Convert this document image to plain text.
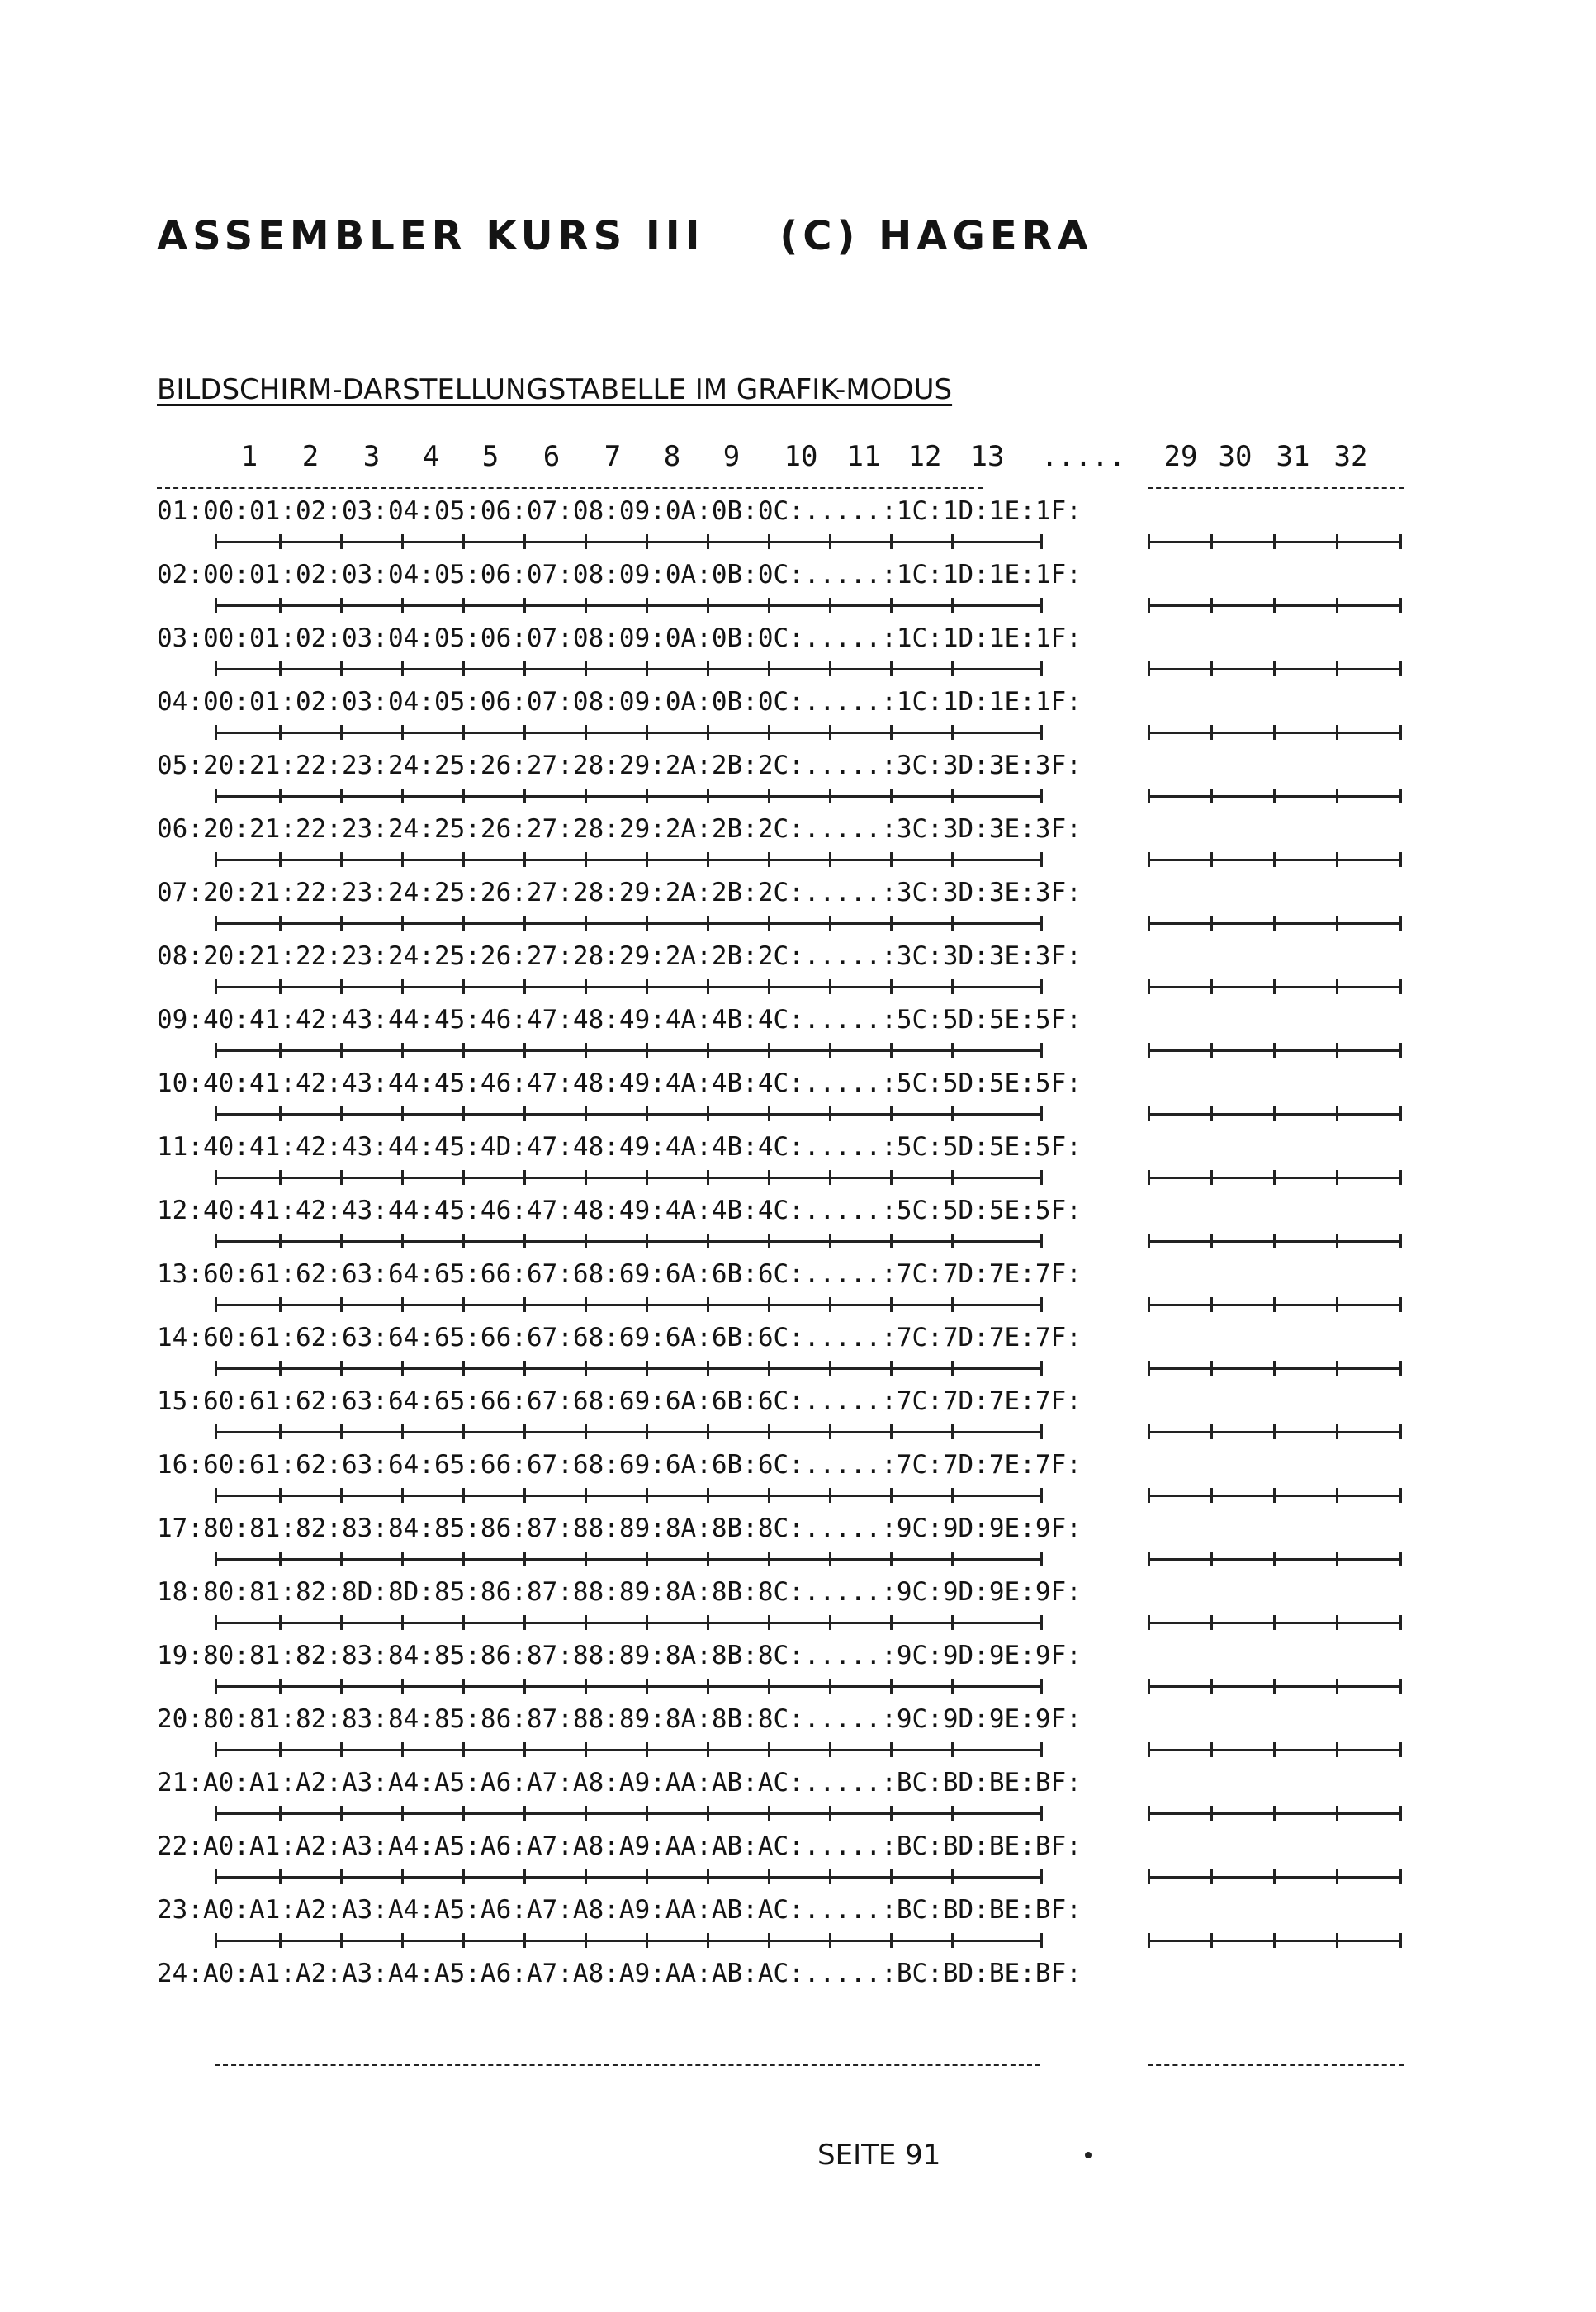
ASSEMBLER KURS III    (C) HAGERA
BILDSCHIRM-DARSTELLUNGSTABELLE IM GRAFIK-MODUS
1 2 3 4 5 6 7 8 9 10 11 12 13 ..... 29 30 31 32
01:00:01:02:03:04:05:06:07:08:09:0A:0B:0C:.....:1C:1D:1E:1F:
02:00:01:02:03:04:05:06:07:08:09:0A:0B:0C:.....:1C:1D:1E:1F:
03:00:01:02:03:04:05:06:07:08:09:0A:0B:0C:.....:1C:1D:1E:1F:
04:00:01:02:03:04:05:06:07:08:09:0A:0B:0C:.....:1C:1D:1E:1F:
05:20:21:22:23:24:25:26:27:28:29:2A:2B:2C:.....:3C:3D:3E:3F:
06:20:21:22:23:24:25:26:27:28:29:2A:2B:2C:.....:3C:3D:3E:3F:
07:20:21:22:23:24:25:26:27:28:29:2A:2B:2C:.....:3C:3D:3E:3F:
08:20:21:22:23:24:25:26:27:28:29:2A:2B:2C:.....:3C:3D:3E:3F:
09:40:41:42:43:44:45:46:47:48:49:4A:4B:4C:.....:5C:5D:5E:5F:
10:40:41:42:43:44:45:46:47:48:49:4A:4B:4C:.....:5C:5D:5E:5F:
11:40:41:42:43:44:45:4D:47:48:49:4A:4B:4C:.....:5C:5D:5E:5F:
12:40:41:42:43:44:45:46:47:48:49:4A:4B:4C:.....:5C:5D:5E:5F:
13:60:61:62:63:64:65:66:67:68:69:6A:6B:6C:.....:7C:7D:7E:7F:
14:60:61:62:63:64:65:66:67:68:69:6A:6B:6C:.....:7C:7D:7E:7F:
15:60:61:62:63:64:65:66:67:68:69:6A:6B:6C:.....:7C:7D:7E:7F:
16:60:61:62:63:64:65:66:67:68:69:6A:6B:6C:.....:7C:7D:7E:7F:
17:80:81:82:83:84:85:86:87:88:89:8A:8B:8C:.....:9C:9D:9E:9F:
18:80:81:82:8D:8D:85:86:87:88:89:8A:8B:8C:.....:9C:9D:9E:9F:
19:80:81:82:83:84:85:86:87:88:89:8A:8B:8C:.....:9C:9D:9E:9F:
20:80:81:82:83:84:85:86:87:88:89:8A:8B:8C:.....:9C:9D:9E:9F:
21:A0:A1:A2:A3:A4:A5:A6:A7:A8:A9:AA:AB:AC:.....:BC:BD:BE:BF:
22:A0:A1:A2:A3:A4:A5:A6:A7:A8:A9:AA:AB:AC:.....:BC:BD:BE:BF:
23:A0:A1:A2:A3:A4:A5:A6:A7:A8:A9:AA:AB:AC:.....:BC:BD:BE:BF:
24:A0:A1:A2:A3:A4:A5:A6:A7:A8:A9:AA:AB:AC:.....:BC:BD:BE:BF:
SEITE 91
